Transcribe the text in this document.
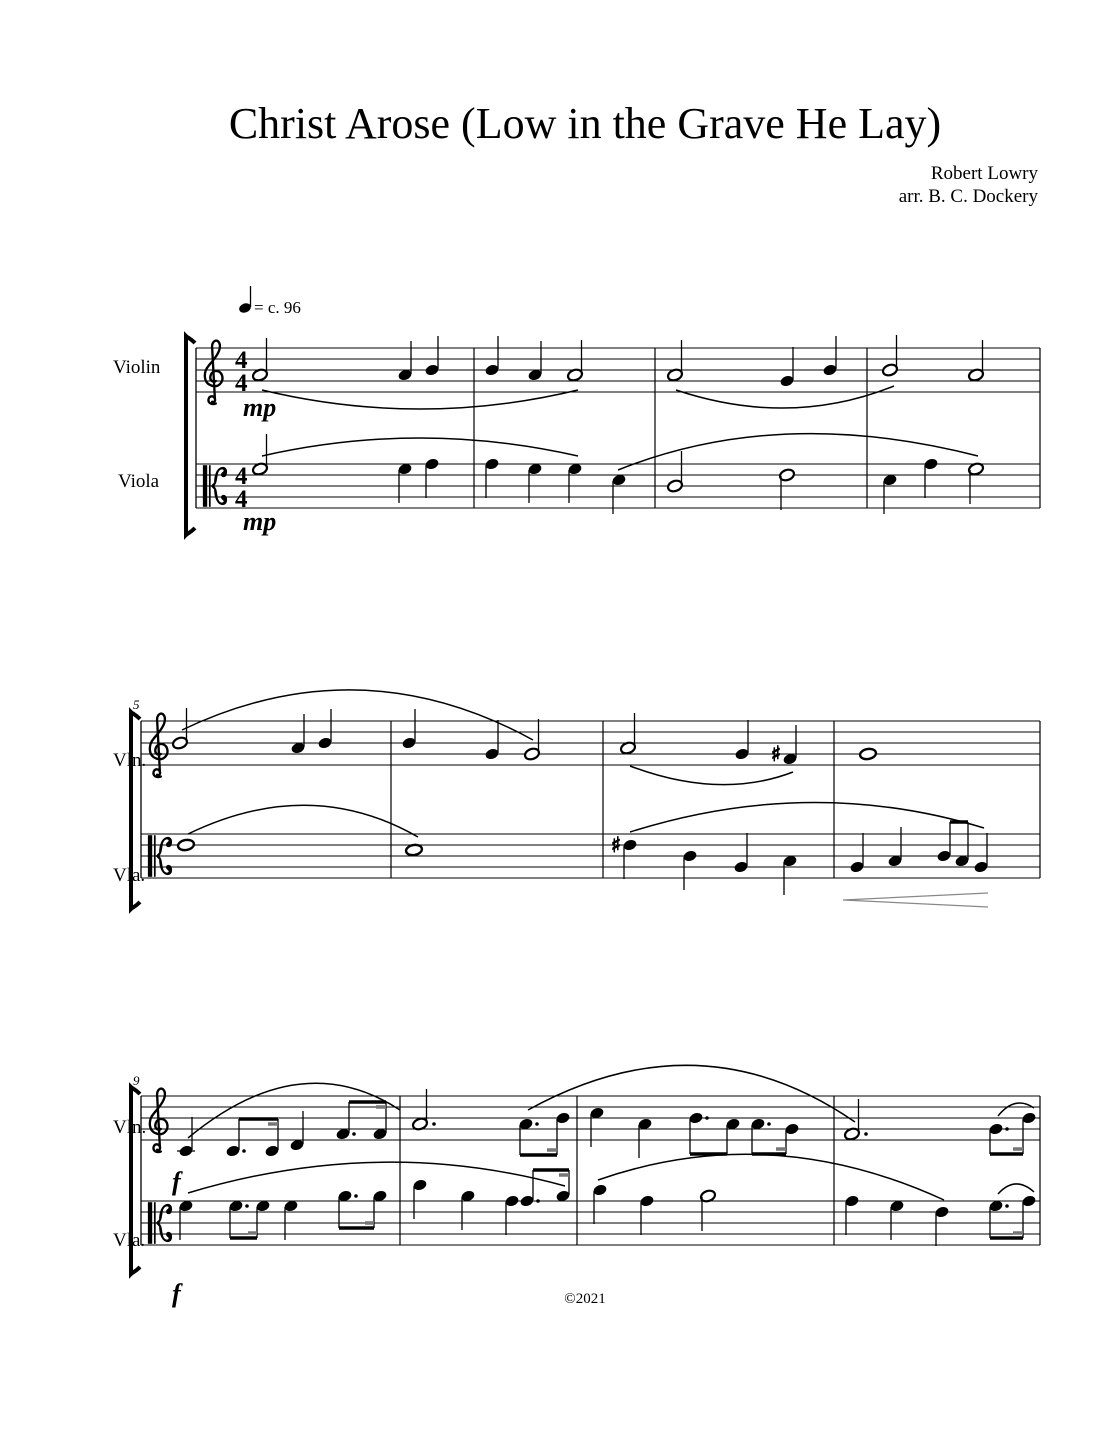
Christ Arose (Low in the Grave He Lay)
Robert Lowry
arr. B. C. Dockery
= c. 96
Violin
Viola
4
4
4
4
mp
mp
5
Vln.
Vla.
♯
♯
9
Vln.
Vla.
f
f	©2021
